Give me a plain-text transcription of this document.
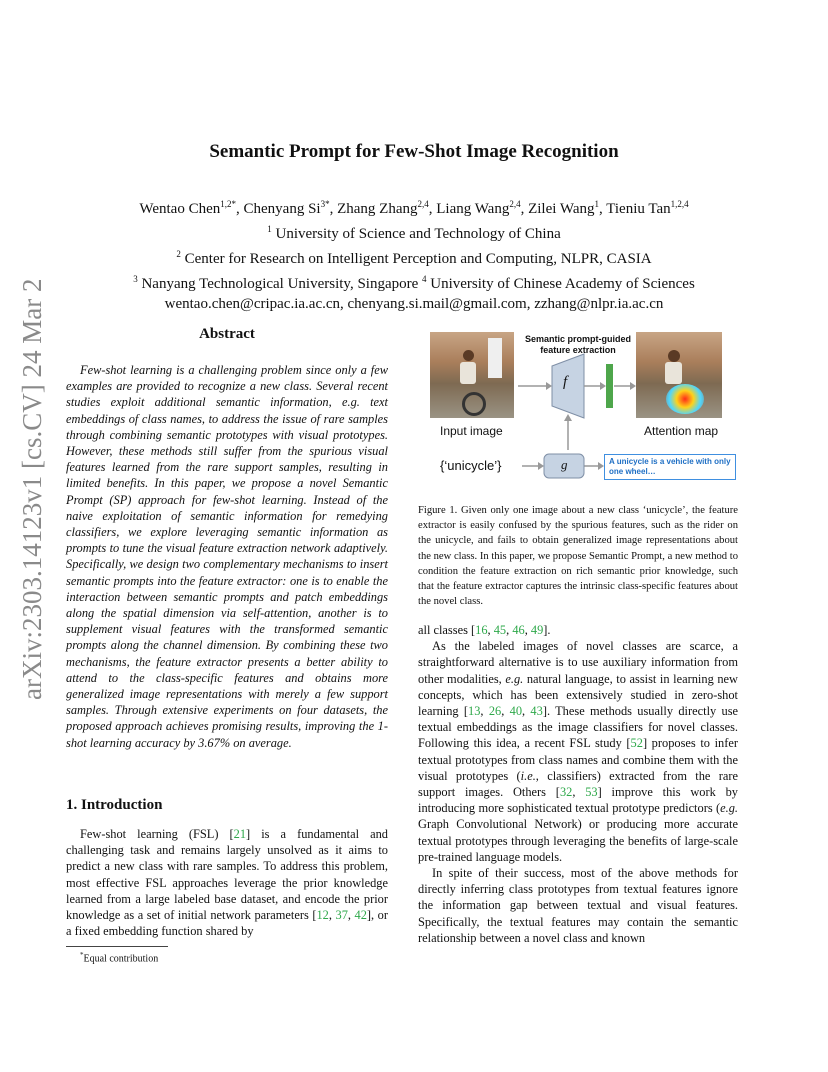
arXiv:2303.14123v1 [cs.CV] 24 Mar 2023
Semantic Prompt for Few-Shot Image Recognition
Wentao Chen$^{1,2*}$, Chenyang $Si^{3*}$, Zhang Zhang$^{2,4}$, Liang Wang$^{2,4}$, Zilei Wang$^1$, Tieniu Tan$^{1,2,4}$
$^1$ University of Science and Technology of China
$^2$ Center for Research on Intelligent Perception and Computing, NLPR, CASIA
$^3$ Nanyang Technological University, Singapore $^4$ University of Chinese Academy of Sciences
wentao.chen@cripac.ia.ac.cn, chenyang.si.mail@gmail.com, zzhang@nlpr.ia.ac.cn
Abstract

Few-shot learning is a challenging problem since only a few examples are provided to recognize a new class. Several recent studies exploit additional semantic information, e.g. text embeddings of class names, to address the issue of rare samples through combining semantic prototypes with visual prototypes. However, these methods still suffer from the spurious visual features learned from the rare support samples, resulting in limited benefits. In this paper, we propose a novel Semantic Prompt (SP) approach for few-shot learning. Instead of the naive exploitation of semantic information for remedying classifiers, we explore leveraging semantic information as prompts to tune the visual feature extraction network adaptively. Specifically, we design two complementary mechanisms to insert semantic prompts into the feature extractor: one is to enable the interaction between semantic prompts and patch embeddings along the spatial dimension via self-attention, another is to supplement visual features with the transformed semantic prompts along the channel dimension. By combining these two mechanisms, the feature extractor presents a better ability to attend to the class-specific features and obtains more generalized image representations with merely a few support samples. Through extensive experiments on four datasets, the proposed approach achieves promising results, improving the 1-shot learning accuracy by 3.67% on average.

1. Introduction

Few-shot learning (FSL) [21] is a fundamental and challenging task and remains largely unsolved as it aims to predict a new class with rare samples. To address this problem, most effective FSL approaches leverage the prior knowledge learned from a large labeled base dataset, and encode the prior knowledge as a set of initial network parameters [12, 37, 42], or a fixed embedding function shared by

*Equal contribution
Input image
Semantic prompt-guided feature extraction
f
g
Attention map
{‘unicycle’}	A unicycle is a vehicle with only one wheel…

Figure 1. Given only one image about a new class ‘unicycle’, the feature extractor is easily confused by the spurious features, such as the rider on the unicycle, and fails to obtain generalized image representations about the new class. In this paper, we propose Semantic Prompt, a new method to condition the feature extraction on rich semantic prior knowledge, such that the feature extractor captures the intrinsic class-specific features about the novel class.

all classes [16, 45, 46, 49].

As the labeled images of novel classes are scarce, a straightforward alternative is to use auxiliary information from other modalities, e.g. natural language, to assist in learning new concepts, which has been extensively studied in zero-shot learning [13, 26, 40, 43]. These methods usually directly use textual embeddings as the image classifiers for novel classes. Following this idea, a recent FSL study [52] proposes to infer textual prototypes from class names and combine them with the visual prototypes (i.e., classifiers) extracted from the rare support images. Others [32, 53] improve this work by introducing more sophisticated textual prototype predictors (e.g. Graph Convolutional Network) or producing more accurate textual prototypes through leveraging the benefits of large-scale pre-trained language models.

In spite of their success, most of the above methods for directly inferring class prototypes from textual features ignore the information gap between textual and visual features. Specifically, the textual features may contain the semantic relationship between a novel class and known
